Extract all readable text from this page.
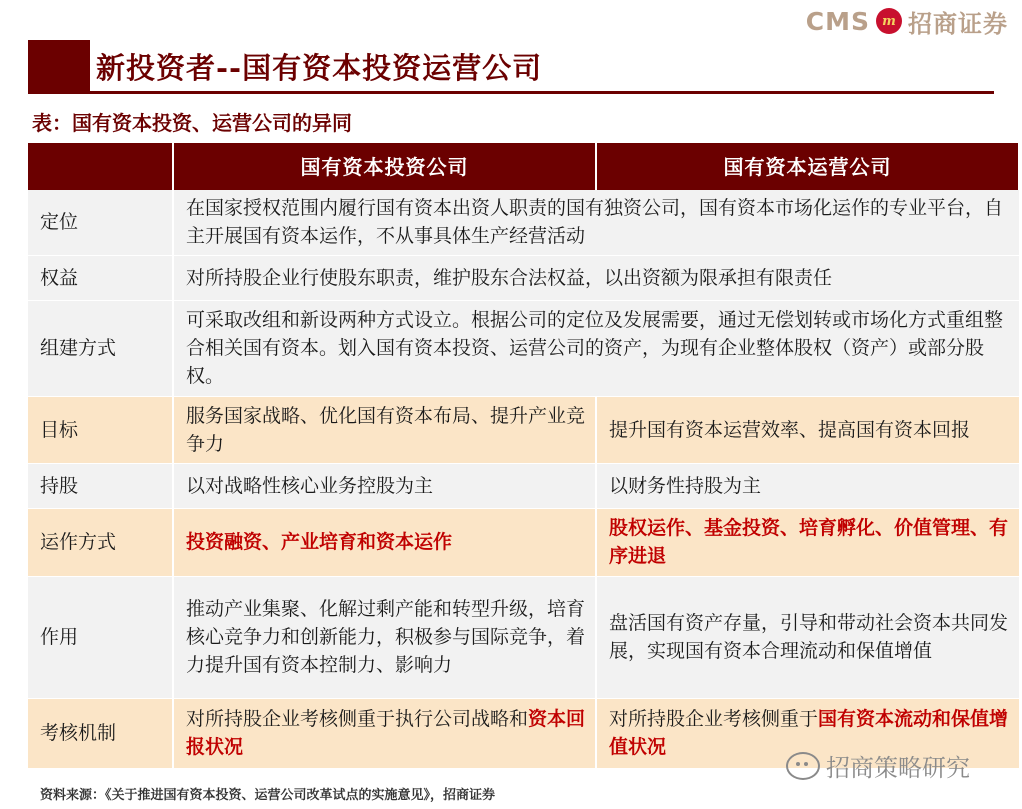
CMS m 招商证券
新投资者--国有资本投资运营公司
表：国有资本投资、运营公司的异同
	国有资本投资公司	国有资本运营公司
定位	在国家授权范围内履行国有资本出资人职责的国有独资公司，国有资本市场化运作的专业平台，自主开展国有资本运作，不从事具体生产经营活动	
权益	对所持股企业行使股东职责，维护股东合法权益，以出资额为限承担有限责任	
组建方式	可采取改组和新设两种方式设立。根据公司的定位及发展需要，通过无偿划转或市场化方式重组整合相关国有资本。划入国有资本投资、运营公司的资产，为现有企业整体股权（资产）或部分股权。	
目标	服务国家战略、优化国有资本布局、提升产业竞争力	提升国有资本运营效率、提高国有资本回报
持股	以对战略性核心业务控股为主	以财务性持股为主
运作方式	投资融资、产业培育和资本运作	股权运作、基金投资、培育孵化、价值管理、有序进退
作用	推动产业集聚、化解过剩产能和转型升级，培育核心竞争力和创新能力，积极参与国际竞争，着力提升国有资本控制力、影响力	盘活国有资产存量，引导和带动社会资本共同发展，实现国有资本合理流动和保值增值
考核机制	对所持股企业考核侧重于执行公司战略和资本回报状况	对所持股企业考核侧重于国有资本流动和保值增值状况
招商策略研究
资料来源：《关于推进国有资本投资、运营公司改革试点的实施意见》，招商证券
